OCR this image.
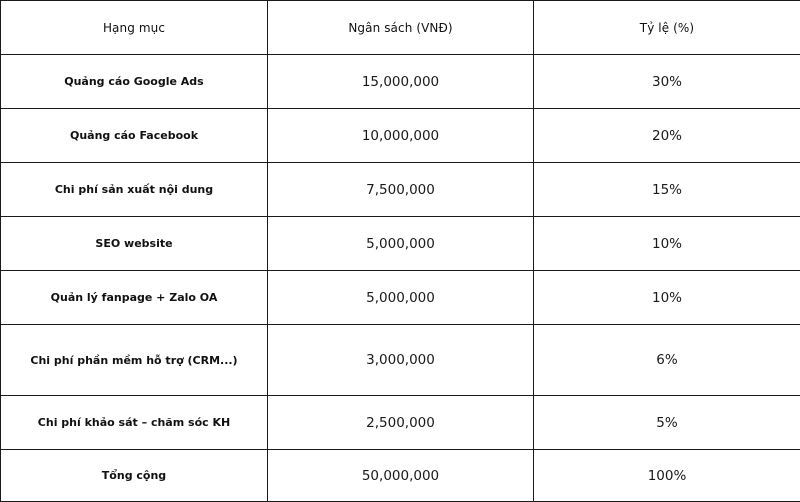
Hạng mục	Ngân sách (VNĐ)	Tỷ lệ (%)
Quảng cáo Google Ads	15,000,000	30%
Quảng cáo Facebook	10,000,000	20%
Chi phí sản xuất nội dung	7,500,000	15%
SEO website	5,000,000	10%
Quản lý fanpage + Zalo OA	5,000,000	10%
Chi phí phần mềm hỗ trợ (CRM...)	3,000,000	6%
Chi phí khảo sát – chăm sóc KH	2,500,000	5%
Tổng cộng	50,000,000	100%
